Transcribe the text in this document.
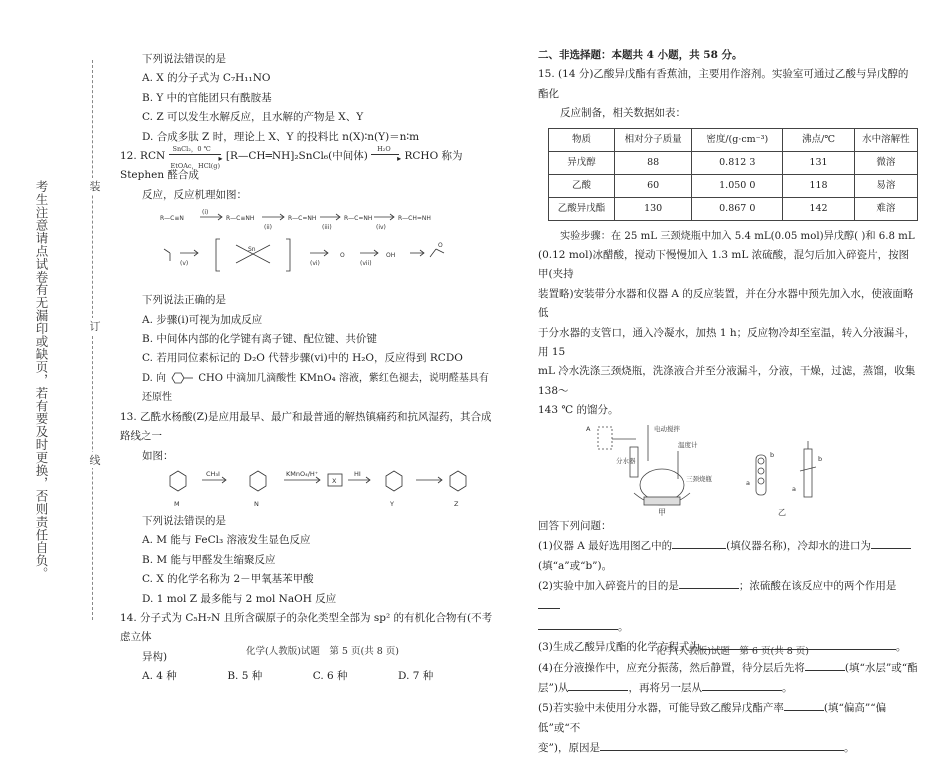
考生注意请点试卷有无漏印或缺页，若有要及时更换，否则责任自负。	装
订
线

下列说法错误的是

A. X 的分子式为 C₇H₁₁NO

B. Y 中的官能团只有酰胺基

C. Z 可以发生水解反应，且水解的产物是 X、Y

D. 合成多肽 Z 时，理论上 X、Y 的投料比 n(X)∶n(Y)＝n∶m

12. RCN
SnCl₂，0 ℃
▸
EtOAc，HCl(g)
[R—CH═NH]₂SnCl₆(中间体)
H₂O
▸ RCHO 称为 Stephen 醛合成

反应，反应机理如图：

R—C≡N	R—C≡NH	R—C=NH	R—C=NH	R—CH=NH
Sn
O	OH
O
(i)
(ii)	(iii)	(iv)
(v)	(vi)	(vii)

下列说法正确的是

A. 步骤(i)可视为加成反应

B. 中间体内部的化学键有离子键、配位键、共价键

C. 若用同位素标记的 D₂O 代替步骤(vi)中的 H₂O，反应得到 RCDO

D. 向	CHO 中滴加几滴酸性 KMnO₄ 溶液，紫红色褪去，说明醛基具有还原性

13. 乙酰水杨酸(Z)是应用最早、最广和最普通的解热镇痛药和抗风湿药，其合成路线之一

如图：

CH₃I	KMnO₄/H⁺	HI
X
M	N	Y	Z

下列说法错误的是

A. M 能与 FeCl₃ 溶液发生显色反应

B. M 能与甲醛发生缩聚反应

C. X 的化学名称为 2－甲氧基苯甲酸

D. 1 mol Z 最多能与 2 mol NaOH 反应

14. 分子式为 C₅H₇N 且所含碳原子的杂化类型全部为 sp² 的有机化合物有(不考虑立体

异构)

A. 4 种	B. 5 种	C. 6 种	D. 7 种

化学(人教版)试题　第 5 页(共 8 页)

二、非选择题：本题共 4 小题，共 58 分。

15. (14 分)乙酸异戊酯有香蕉油，主要用作溶剂。实验室可通过乙酸与异戊醇的酯化

反应制备，相关数据如表：

物质	相对分子质量	密度/(g·cm⁻³)	沸点/℃	水中溶解性
异戊醇	88	0.812 3	131	微溶
乙酸	60	1.050 0	118	易溶
乙酸异戊酯	130	0.867 0	142	难溶

实验步骤：在 25 mL 三颈烧瓶中加入 5.4 mL(0.05 mol)异戊醇( )和 6.8 mL

(0.12 mol)冰醋酸，搅动下慢慢加入 1.3 mL 浓硫酸，混匀后加入碎瓷片，按图甲(夹持

装置略)安装带分水器和仪器 A 的反应装置，并在分水器中预先加入水，使液面略低

于分水器的支管口，通入冷凝水，加热 1 h；反应物冷却至室温，转入分液漏斗，用 15

mL 冷水洗涤三颈烧瓶，洗涤液合并至分液漏斗，分液，干燥，过滤，蒸馏，收集 138～

143 ℃ 的馏分。

A	电动搅拌
温度计
分水器
三颈烧瓶
甲	乙
a
b
a
b

回答下列问题：

(1)仪器 A 最好选用图乙中的	(填仪器名称)，冷却水的进口为

(填“a”或“b”)。

(2)实验中加入碎瓷片的目的是	；浓硫酸在该反应中的两个作用是

。

(3)生成乙酸异戊酯的化学方程式为	。

(4)在分液操作中，应充分振荡，然后静置，待分层后先将	(填“水层”或“酯

层”)从	，再将另一层从	。

(5)若实验中未使用分水器，可能导致乙酸异戊酯产率	(填“偏高”“偏低”或“不

变”)，原因是	。

化学(人教版)试题　第 6 页(共 8 页)
